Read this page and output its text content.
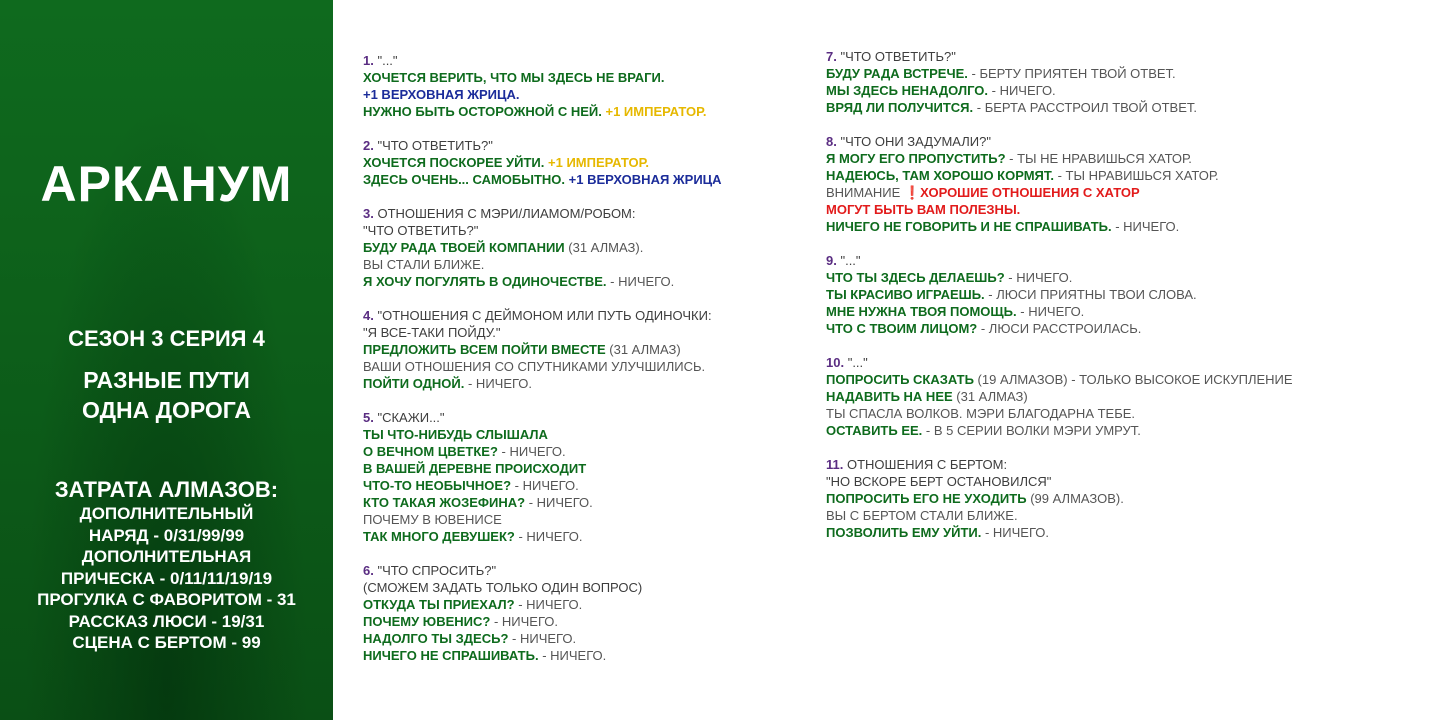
АРКАНУМ
СЕЗОН 3 СЕРИЯ 4
РАЗНЫЕ ПУТИ
ОДНА ДОРОГА
ЗАТРАТА АЛМАЗОВ:
ДОПОЛНИТЕЛЬНЫЙ
НАРЯД - 0/31/99/99
ДОПОЛНИТЕЛЬНАЯ
ПРИЧЕСКА - 0/11/11/19/19
ПРОГУЛКА С ФАВОРИТОМ - 31
РАССКАЗ ЛЮСИ - 19/31
СЦЕНА С БЕРТОМ - 99
1. "..."
ХОЧЕТСЯ ВЕРИТЬ, ЧТО МЫ ЗДЕСЬ НЕ ВРАГИ.
+1 ВЕРХОВНАЯ ЖРИЦА.
НУЖНО БЫТЬ ОСТОРОЖНОЙ С НЕЙ. +1 ИМПЕРАТОР.
2. "ЧТО ОТВЕТИТЬ?"
ХОЧЕТСЯ ПОСКОРЕЕ УЙТИ. +1 ИМПЕРАТОР.
ЗДЕСЬ ОЧЕНЬ... САМОБЫТНО. +1 ВЕРХОВНАЯ ЖРИЦА
3. ОТНОШЕНИЯ С МЭРИ/ЛИАМОМ/РОБОМ:
"ЧТО ОТВЕТИТЬ?"
БУДУ РАДА ТВОЕЙ КОМПАНИИ (31 АЛМАЗ).
ВЫ СТАЛИ БЛИЖЕ.
Я ХОЧУ ПОГУЛЯТЬ В ОДИНОЧЕСТВЕ. - НИЧЕГО.
4. "ОТНОШЕНИЯ С ДЕЙМОНОМ ИЛИ ПУТЬ ОДИНОЧКИ:
"Я ВСЕ-ТАКИ ПОЙДУ."
ПРЕДЛОЖИТЬ ВСЕМ ПОЙТИ ВМЕСТЕ (31 АЛМАЗ)
ВАШИ ОТНОШЕНИЯ СО СПУТНИКАМИ УЛУЧШИЛИСЬ.
ПОЙТИ ОДНОЙ. - НИЧЕГО.
5. "СКАЖИ..."
ТЫ ЧТО-НИБУДЬ СЛЫШАЛА
О ВЕЧНОМ ЦВЕТКЕ? - НИЧЕГО.
В ВАШЕЙ ДЕРЕВНЕ ПРОИСХОДИТ
ЧТО-ТО НЕОБЫЧНОЕ? - НИЧЕГО.
КТО ТАКАЯ ЖОЗЕФИНА? - НИЧЕГО.
ПОЧЕМУ В ЮВЕНИСЕ
ТАК МНОГО ДЕВУШЕК? - НИЧЕГО.
6. "ЧТО СПРОСИТЬ?"
(СМОЖЕМ ЗАДАТЬ ТОЛЬКО ОДИН ВОПРОС)
ОТКУДА ТЫ ПРИЕХАЛ? - НИЧЕГО.
ПОЧЕМУ ЮВЕНИС? - НИЧЕГО.
НАДОЛГО ТЫ ЗДЕСЬ? - НИЧЕГО.
НИЧЕГО НЕ СПРАШИВАТЬ. - НИЧЕГО.
7. "ЧТО ОТВЕТИТЬ?"
БУДУ РАДА ВСТРЕЧЕ. - БЕРТУ ПРИЯТЕН ТВОЙ ОТВЕТ.
МЫ ЗДЕСЬ НЕНАДОЛГО. - НИЧЕГО.
ВРЯД ЛИ ПОЛУЧИТСЯ. - БЕРТА РАССТРОИЛ ТВОЙ ОТВЕТ.
8. "ЧТО ОНИ ЗАДУМАЛИ?"
Я МОГУ ЕГО ПРОПУСТИТЬ? - ТЫ НЕ НРАВИШЬСЯ ХАТОР.
НАДЕЮСЬ, ТАМ ХОРОШО КОРМЯТ. - ТЫ НРАВИШЬСЯ ХАТОР.
ВНИМАНИЕ ❗ХОРОШИЕ ОТНОШЕНИЯ С ХАТОР
МОГУТ БЫТЬ ВАМ ПОЛЕЗНЫ.
НИЧЕГО НЕ ГОВОРИТЬ И НЕ СПРАШИВАТЬ. - НИЧЕГО.
9. "..."
ЧТО ТЫ ЗДЕСЬ ДЕЛАЕШЬ? - НИЧЕГО.
ТЫ КРАСИВО ИГРАЕШЬ. - ЛЮСИ ПРИЯТНЫ ТВОИ СЛОВА.
МНЕ НУЖНА ТВОЯ ПОМОЩЬ. - НИЧЕГО.
ЧТО С ТВОИМ ЛИЦОМ? - ЛЮСИ РАССТРОИЛАСЬ.
10. "..."
ПОПРОСИТЬ СКАЗАТЬ (19 АЛМАЗОВ) - ТОЛЬКО ВЫСОКОЕ ИСКУПЛЕНИЕ
НАДАВИТЬ НА НЕЕ (31 АЛМАЗ)
ТЫ СПАСЛА ВОЛКОВ. МЭРИ БЛАГОДАРНА ТЕБЕ.
ОСТАВИТЬ ЕЕ. - В 5 СЕРИИ ВОЛКИ МЭРИ УМРУТ.
11. ОТНОШЕНИЯ С БЕРТОМ:
"НО ВСКОРЕ БЕРТ ОСТАНОВИЛСЯ"
ПОПРОСИТЬ ЕГО НЕ УХОДИТЬ (99 АЛМАЗОВ).
ВЫ С БЕРТОМ СТАЛИ БЛИЖЕ.
ПОЗВОЛИТЬ ЕМУ УЙТИ. - НИЧЕГО.
